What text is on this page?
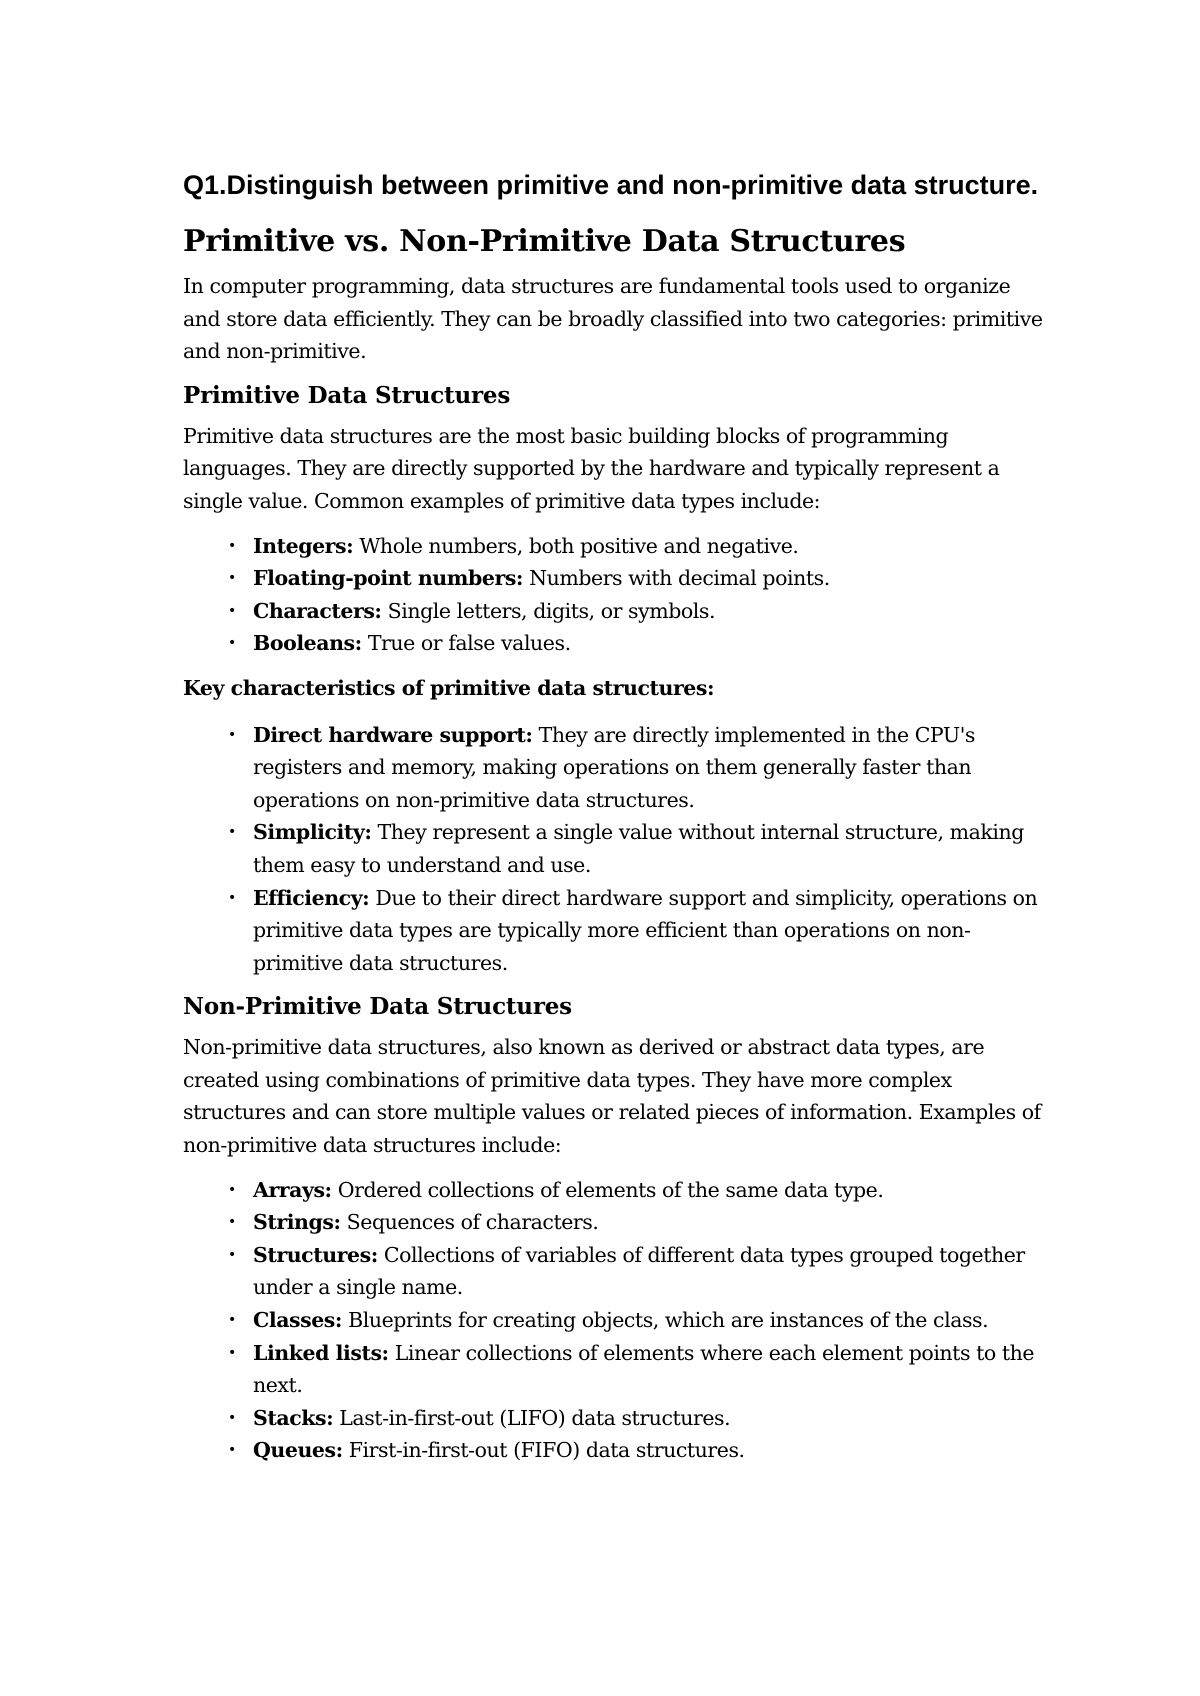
Q1.Distinguish between primitive and non-primitive data structure.
Primitive vs. Non-Primitive Data Structures

In computer programming, data structures are fundamental tools used to organize and store data efficiently. They can be broadly classified into two categories: primitive and non-primitive.

Primitive Data Structures

Primitive data structures are the most basic building blocks of programming languages. They are directly supported by the hardware and typically represent a single value. Common examples of primitive data types include:

• Integers: Whole numbers, both positive and negative.
• Floating-point numbers: Numbers with decimal points.
• Characters: Single letters, digits, or symbols.
• Booleans: True or false values.

Key characteristics of primitive data structures:

• Direct hardware support: They are directly implemented in the CPU's registers and memory, making operations on them generally faster than operations on non-primitive data structures.
• Simplicity: They represent a single value without internal structure, making them easy to understand and use.
• Efficiency: Due to their direct hardware support and simplicity, operations on primitive data types are typically more efficient than operations on non-primitive data structures.
Non-Primitive Data Structures

Non-primitive data structures, also known as derived or abstract data types, are created using combinations of primitive data types. They have more complex structures and can store multiple values or related pieces of information. Examples of non-primitive data structures include:

• Arrays: Ordered collections of elements of the same data type.
• Strings: Sequences of characters.
• Structures: Collections of variables of different data types grouped together under a single name.
• Classes: Blueprints for creating objects, which are instances of the class.
• Linked lists: Linear collections of elements where each element points to the next.
• Stacks: Last-in-first-out (LIFO) data structures.
• Queues: First-in-first-out (FIFO) data structures.
